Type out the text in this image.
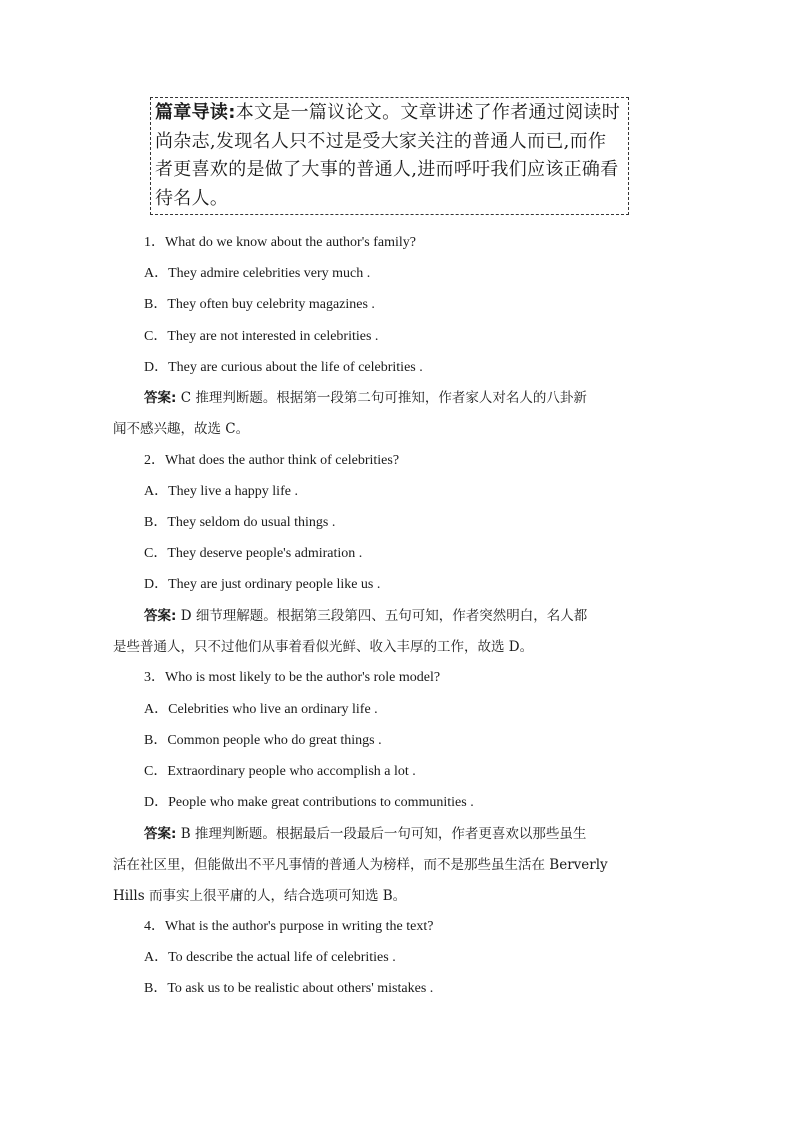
篇章导读:本文是一篇议论文。文章讲述了作者通过阅读时尚杂志,发现名人只不过是受大家关注的普通人而已,而作者更喜欢的是做了大事的普通人,进而呼吁我们应该正确看待名人。
1．What do we know about the author's family?
A．They admire celebrities very much .
B．They often buy celebrity magazines .
C．They are not interested in celebrities .
D．They are curious about the life of celebrities .
答案: C 推理判断题。根据第一段第二句可推知，作者家人对名人的八卦新
闻不感兴趣，故选 C。
2．What does the author think of celebrities?
A．They live a happy life .
B．They seldom do usual things .
C．They deserve people's admiration .
D．They are just ordinary people like us .
答案: D 细节理解题。根据第三段第四、五句可知，作者突然明白，名人都
是些普通人，只不过他们从事着看似光鲜、收入丰厚的工作，故选 D。
3．Who is most likely to be the author's role model?
A．Celebrities who live an ordinary life .
B．Common people who do great things .
C．Extraordinary people who accomplish a lot .
D．People who make great contributions to communities .
答案: B 推理判断题。根据最后一段最后一句可知，作者更喜欢以那些虽生
活在社区里，但能做出不平凡事情的普通人为榜样，而不是那些虽生活在 Berverly
Hills 而事实上很平庸的人，结合选项可知选 B。
4．What is the author's purpose in writing the text?
A．To describe the actual life of celebrities .
B．To ask us to be realistic about others' mistakes .
